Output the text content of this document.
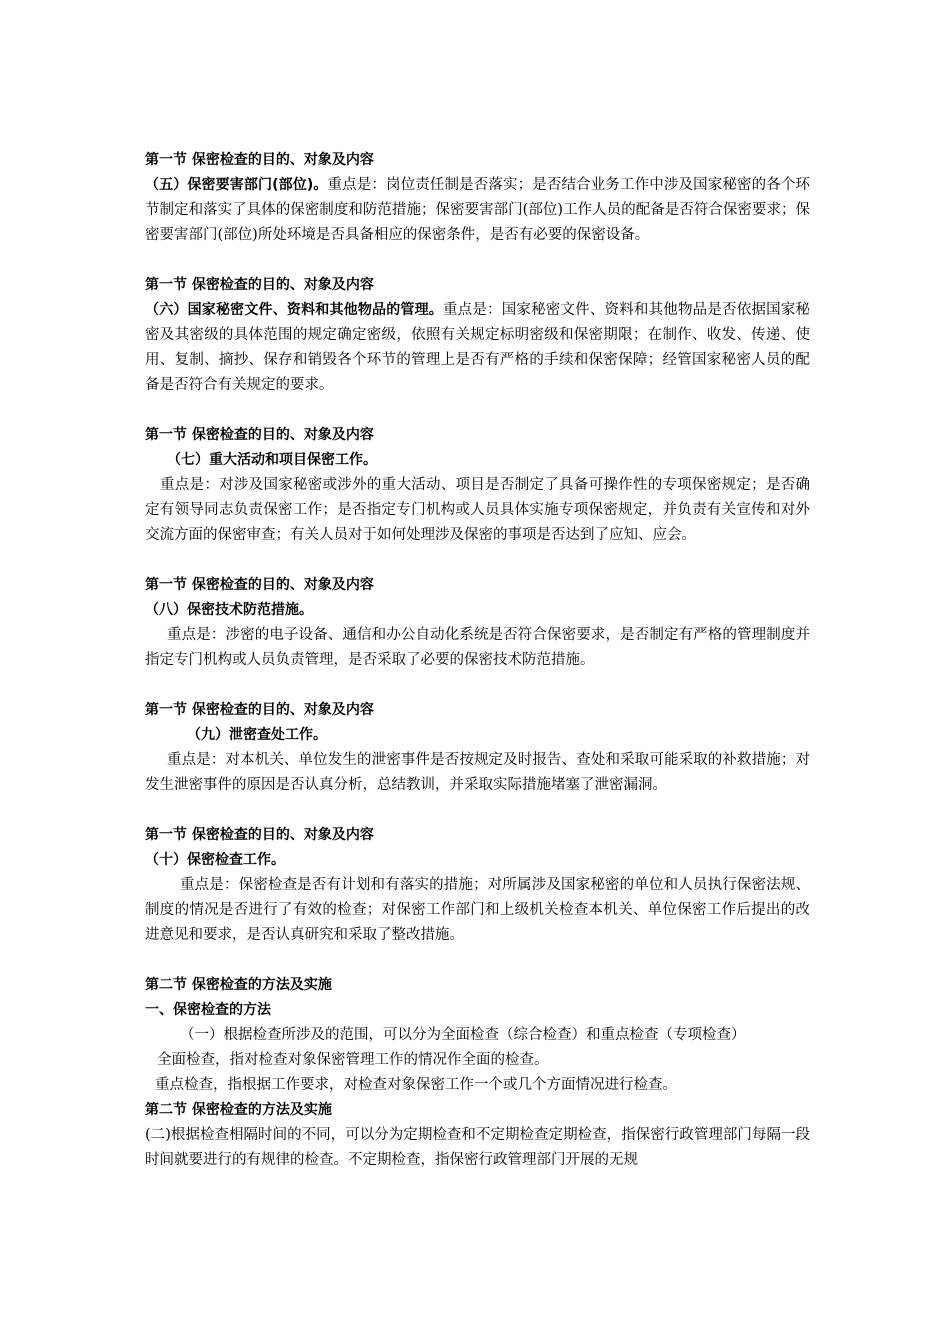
第一节 保密检查的目的、对象及内容
（五）保密要害部门(部位)。重点是：岗位责任制是否落实；是否结合业务工作中涉及国家秘密的各个环节制定和落实了具体的保密制度和防范措施；保密要害部门(部位)工作人员的配备是否符合保密要求；保密要害部门(部位)所处环境是否具备相应的保密条件，是否有必要的保密设备。
第一节 保密检查的目的、对象及内容
（六）国家秘密文件、资料和其他物品的管理。重点是：国家秘密文件、资料和其他物品是否依据国家秘密及其密级的具体范围的规定确定密级，依照有关规定标明密级和保密期限；在制作、收发、传递、使用、复制、摘抄、保存和销毁各个环节的管理上是否有严格的手续和保密保障；经管国家秘密人员的配备是否符合有关规定的要求。
第一节 保密检查的目的、对象及内容
（七）重大活动和项目保密工作。
重点是：对涉及国家秘密或涉外的重大活动、项目是否制定了具备可操作性的专项保密规定；是否确定有领导同志负责保密工作；是否指定专门机构或人员具体实施专项保密规定，并负责有关宣传和对外交流方面的保密审查；有关人员对于如何处理涉及保密的事项是否达到了应知、应会。
第一节 保密检查的目的、对象及内容
（八）保密技术防范措施。
重点是：涉密的电子设备、通信和办公自动化系统是否符合保密要求，是否制定有严格的管理制度并指定专门机构或人员负责管理，是否采取了必要的保密技术防范措施。
第一节 保密检查的目的、对象及内容
（九）泄密查处工作。
重点是：对本机关、单位发生的泄密事件是否按规定及时报告、查处和采取可能采取的补救措施；对发生泄密事件的原因是否认真分析，总结教训，并采取实际措施堵塞了泄密漏洞。
第一节 保密检查的目的、对象及内容
（十）保密检查工作。
重点是：保密检查是否有计划和有落实的措施；对所属涉及国家秘密的单位和人员执行保密法规、制度的情况是否进行了有效的检查；对保密工作部门和上级机关检查本机关、单位保密工作后提出的改进意见和要求，是否认真研究和采取了整改措施。
第二节 保密检查的方法及实施
一、保密检查的方法
（一）根据检查所涉及的范围，可以分为全面检查（综合检查）和重点检查（专项检查）
全面检查，指对检查对象保密管理工作的情况作全面的检查。
重点检查，指根据工作要求，对检查对象保密工作一个或几个方面情况进行检查。
第二节 保密检查的方法及实施
(二)根据检查相隔时间的不同，可以分为定期检查和不定期检查定期检查，指保密行政管理部门每隔一段时间就要进行的有规律的检查。不定期检查，指保密行政管理部门开展的无规
